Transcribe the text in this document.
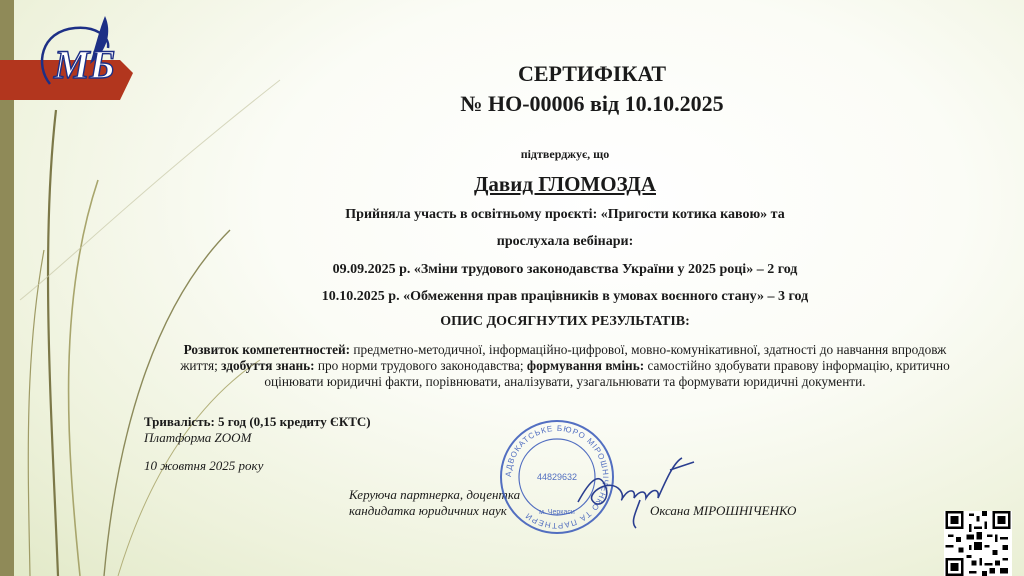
МБ	СЕРТИФІКАТ
№ НО-00006 від 10.10.2025
підтверджує, що
Давид ГЛОМОЗДА
Прийняла участь в освітньому проєкті: «Пригости котика кавою» та
прослухала вебінари:
09.09.2025 р. «Зміни трудового законодавства України у 2025 році» – 2 год
10.10.2025 р. «Обмеження прав працівників в умовах воєнного стану» – 3 год
ОПИС ДОСЯГНУТИХ РЕЗУЛЬТАТІВ:
Розвиток компетентностей: предметно-методичної, інформаційно-цифрової, мовно-комунікативної, здатності до навчання впродовж життя; здобуття знань: про норми трудового законодавства; формування вмінь: самостійно здобувати правову інформацію, критично оцінювати юридичні факти, порівнювати, аналізувати, узагальнювати та формувати юридичні документи.
Тривалість: 5 год (0,15 кредиту ЄКТС)
Платформа ZOOM
10 жовтня 2025 року
Керуюча партнерка, доцентка
кандидатка юридичних наук	Оксана МІРОШНІЧЕНКО
АДВОКАТСЬКЕ БЮРО МІРОШНІЧЕНКО ТА ПАРТНЕРИ
44829632
м. Черкаси
